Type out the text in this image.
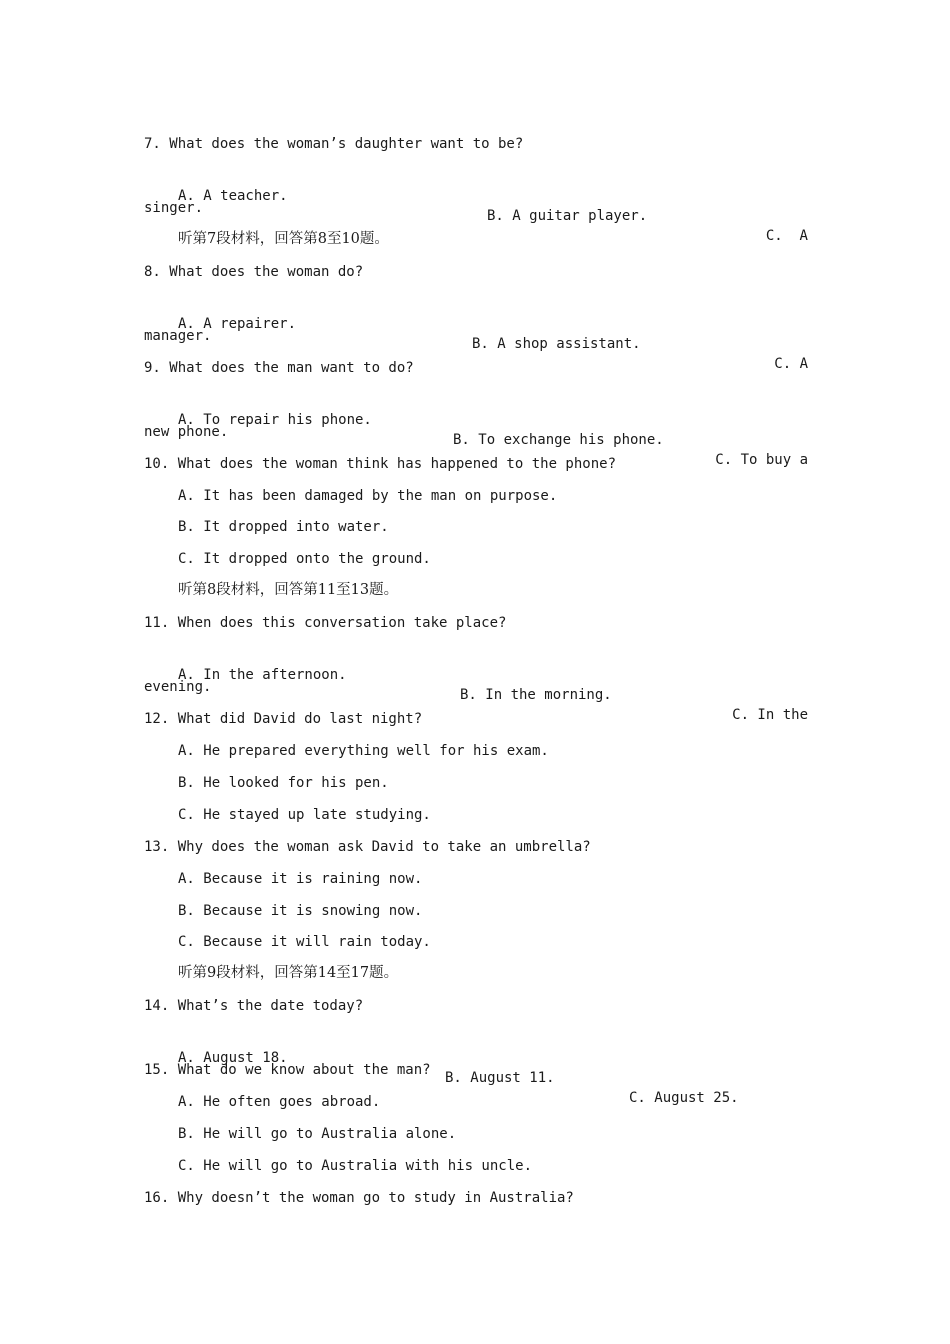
7. What does the woman’s daughter want to be?

A. A teacher.

B. A guitar player.

C.  A

singer.
听第7段材料，回答第8至10题。
8. What does the woman do?

A. A repairer.

B. A shop assistant.

C. A

manager.
9. What does the man want to do?

A. To repair his phone.

B. To exchange his phone.

C. To buy a

new phone.
10. What does the woman think has happened to the phone?
A. It has been damaged by the man on purpose.
B. It dropped into water.
C. It dropped onto the ground.
听第8段材料，回答第11至13题。
11. When does this conversation take place?

A. In the afternoon.

B. In the morning.

C. In the

evening.
12. What did David do last night?
A. He prepared everything well for his exam.
B. He looked for his pen.
C. He stayed up late studying.
13. Why does the woman ask David to take an umbrella?
A. Because it is raining now.
B. Because it is snowing now.
C. Because it will rain today.
听第9段材料，回答第14至17题。
14. What’s the date today?

A. August 18.

B. August 11.

C. August 25.

15. What do we know about the man?
A. He often goes abroad.
B. He will go to Australia alone.
C. He will go to Australia with his uncle.
16. Why doesn’t the woman go to study in Australia?
